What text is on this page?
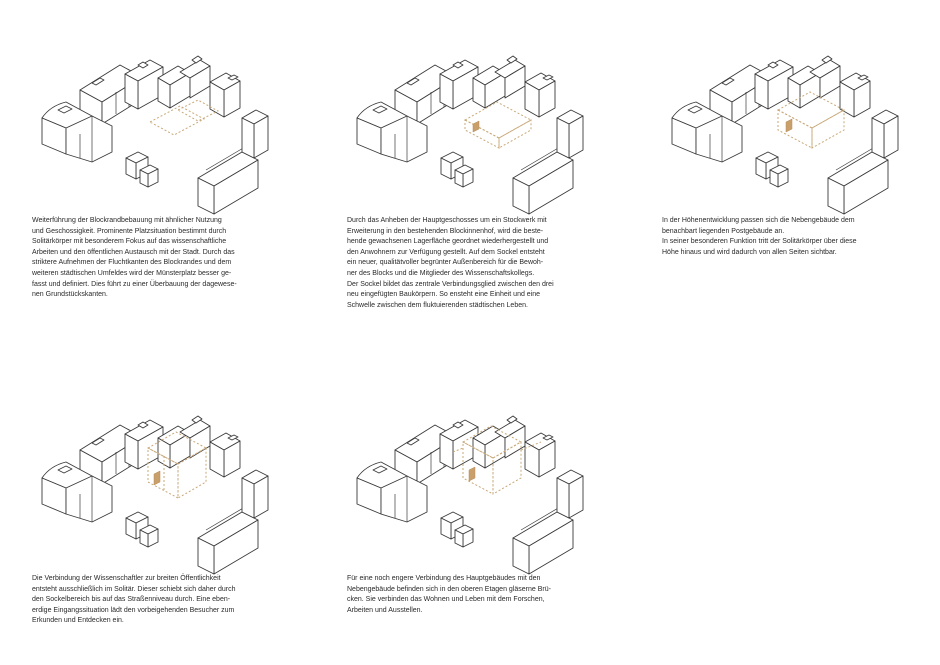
Weiterführung der Blockrandbebauung mit ähnlicher Nutzung
und Geschossigkeit. Prominente Platzsituation bestimmt durch
Solitärkörper mit besonderem Fokus auf das wissenschaftliche
Arbeiten und den öffentlichen Austausch mit der Stadt. Durch das
striktere Aufnehmen der Fluchtkanten des Blockrandes und dem
weiteren städtischen Umfeldes wird der Münsterplatz besser ge-
fasst und definiert. Dies führt zu einer Überbauung der dagewese-
nen Grundstückskanten.

Durch das Anheben der Hauptgeschosses um ein Stockwerk mit
Erweiterung in den bestehenden Blockinnenhof, wird die beste-
hende gewachsenen Lagerfläche geordnet wiederhergestellt und
den Anwohnern zur Verfügung gestellt. Auf dem Sockel entsteht
ein neuer, qualitätvoller begrünter Außenbereich für die Bewoh-
ner des Blocks und die Mitglieder des Wissenschaftskollegs.
Der Sockel bildet das zentrale Verbindungsglied zwischen den drei
neu eingefügten Baukörpern. So ensteht eine Einheit und eine
Schwelle zwischen dem fluktuierenden städtischen Leben.

In der Höhenentwicklung passen sich die Nebengebäude dem
benachbart liegenden Postgebäude an.
In seiner besonderen Funktion tritt der Solitärkörper über diese
Höhe hinaus und wird dadurch von allen Seiten sichtbar.

Die Verbindung der Wissenschaftler zur breiten Öffentlichkeit
entsteht ausschließlich im Solitär. Dieser schiebt sich daher durch
den Sockelbereich bis auf das Straßenniveau durch. Eine eben-
erdige Eingangssituation lädt den vorbeigehenden Besucher zum
Erkunden und Entdecken ein.

Für eine noch engere Verbindung des Hauptgebäudes mit den
Nebengebäude befinden sich in den oberen Etagen gläserne Brü-
cken. Sie verbinden das Wohnen und Leben mit dem Forschen,
Arbeiten und Ausstellen.
